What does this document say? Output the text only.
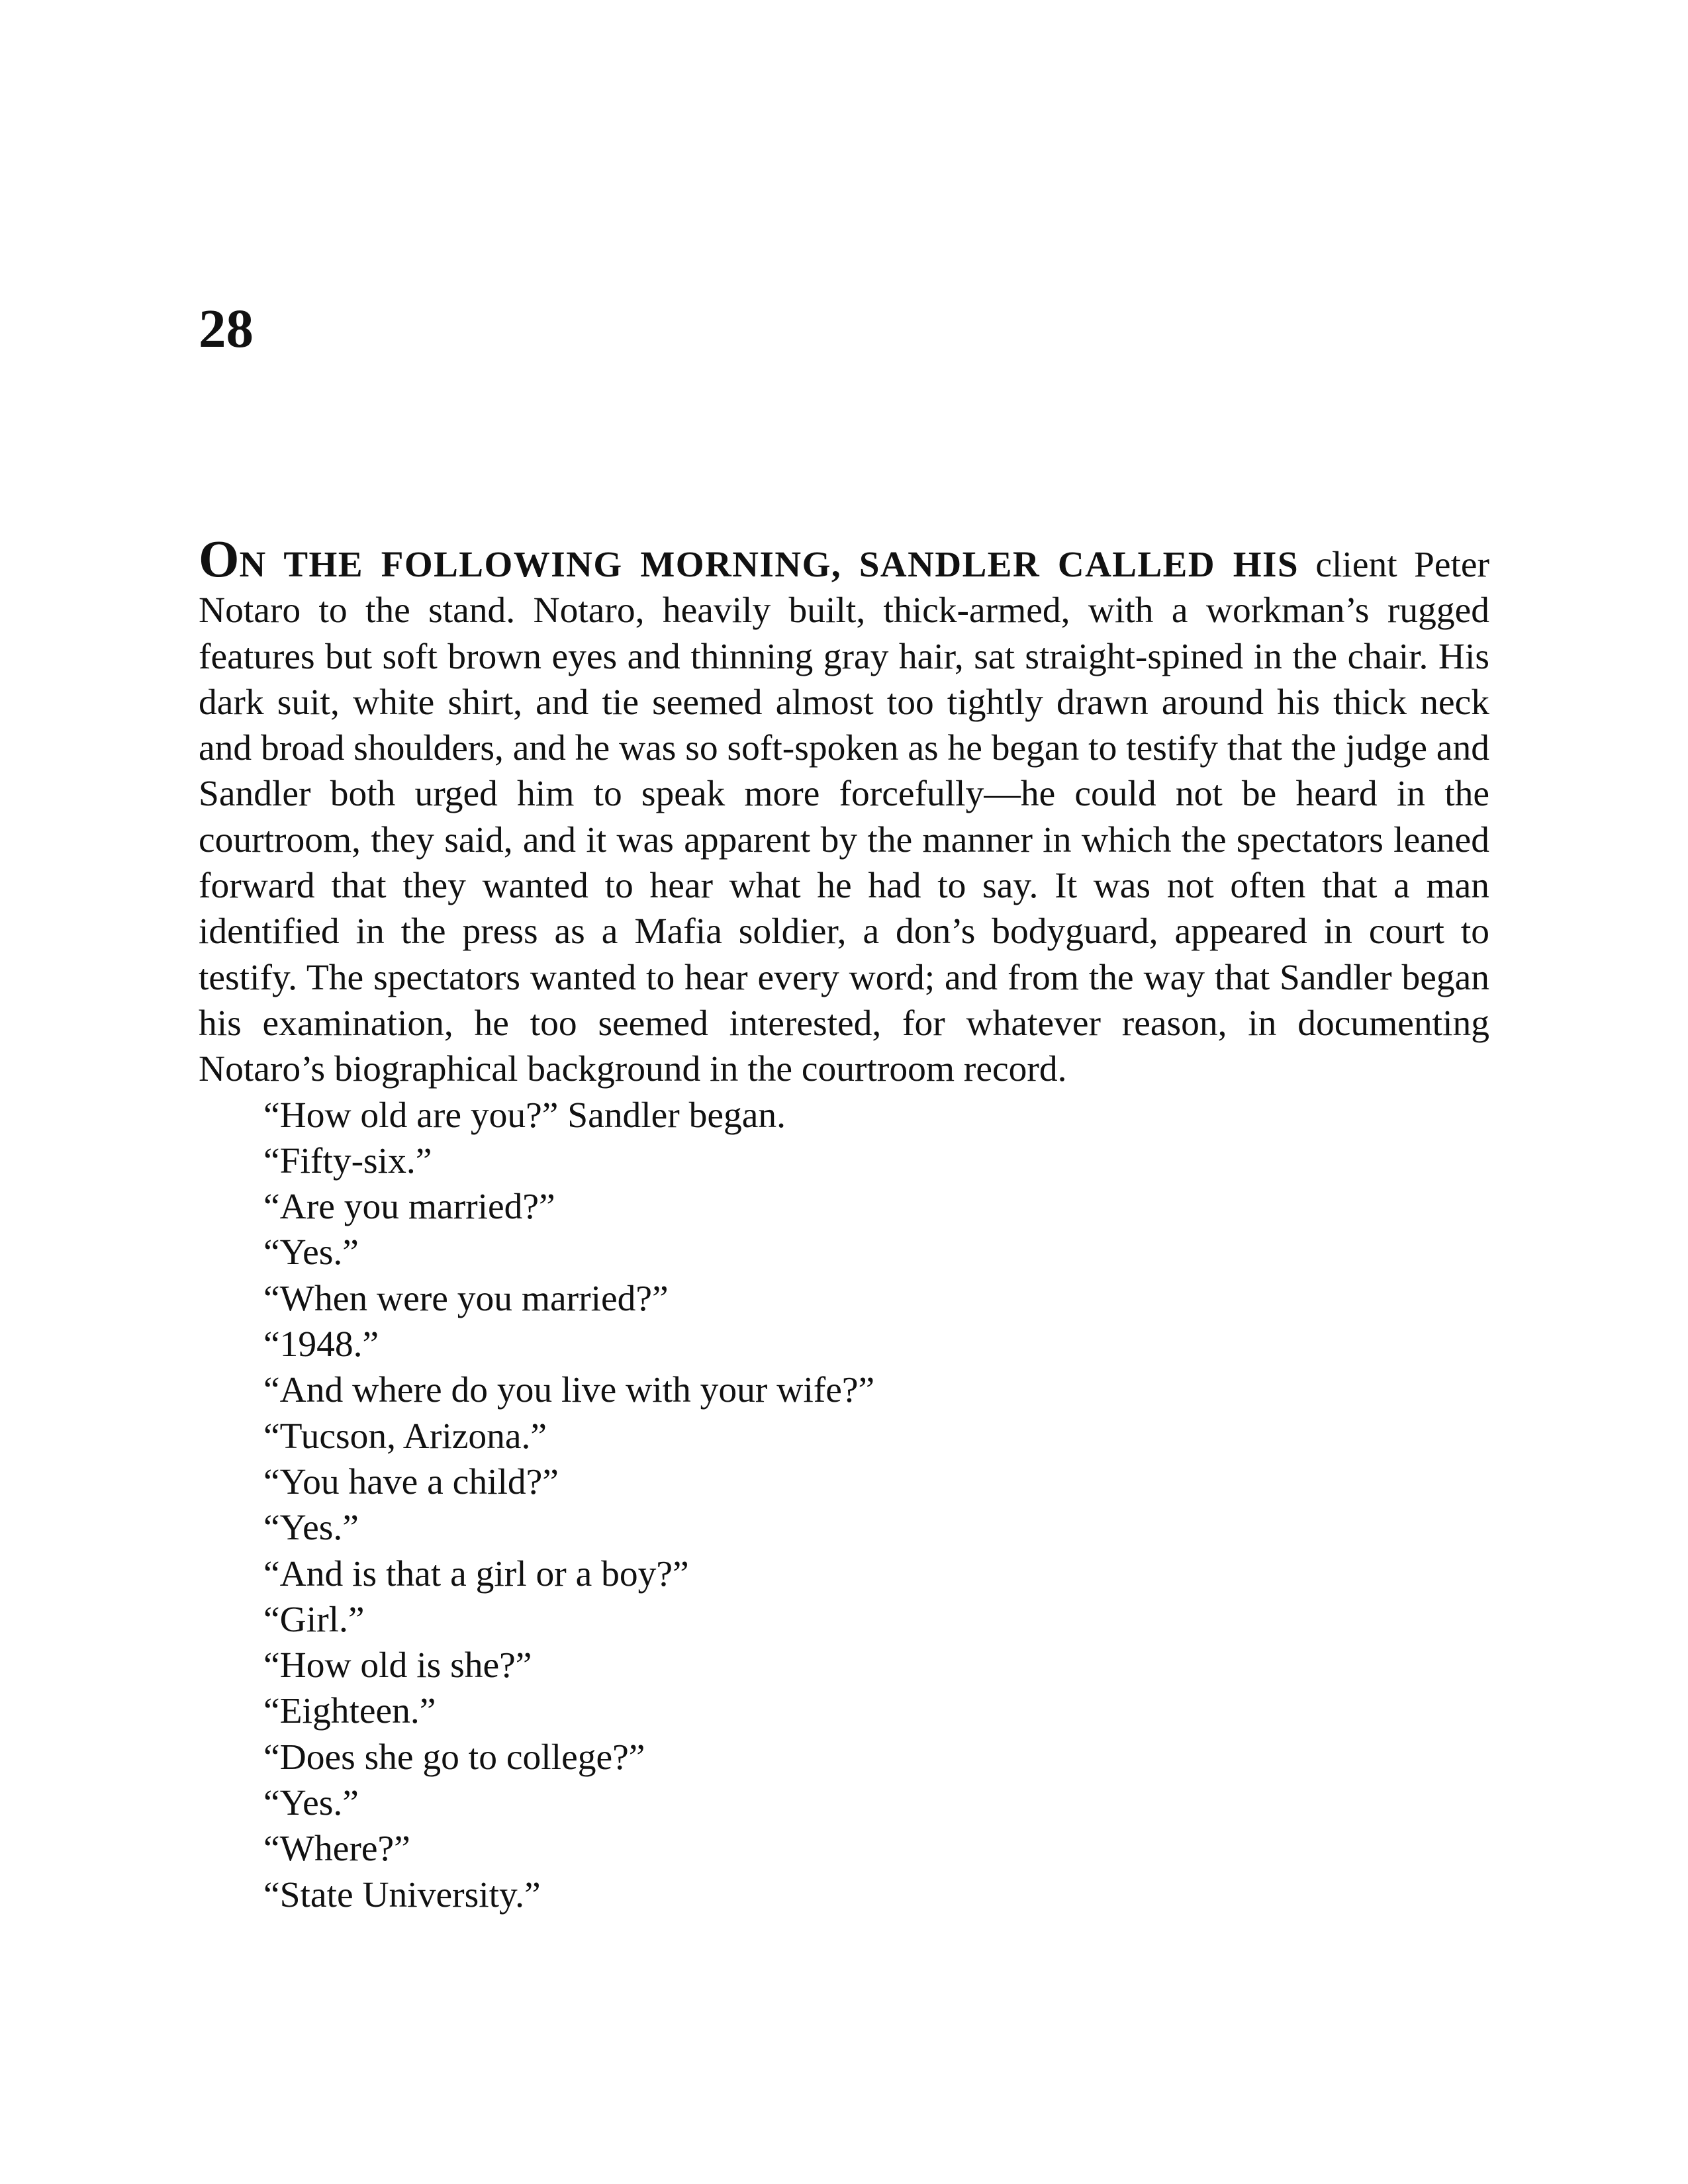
28

ON THE FOLLOWING MORNING, SANDLER CALLED HIS client Peter Notaro to the stand. Notaro, heavily built, thick-armed, with a workman’s rugged features but soft brown eyes and thinning gray hair, sat straight-spined in the chair. His dark suit, white shirt, and tie seemed almost too tightly drawn around his thick neck and broad shoulders, and he was so soft-spoken as he began to testify that the judge and Sandler both urged him to speak more forcefully—he could not be heard in the courtroom, they said, and it was apparent by the manner in which the spectators leaned forward that they wanted to hear what he had to say. It was not often that a man identified in the press as a Mafia soldier, a don’s bodyguard, appeared in court to testify. The spectators wanted to hear every word; and from the way that Sandler began his examination, he too seemed interested, for whatever reason, in documenting Notaro’s biographical background in the courtroom record.

“How old are you?” Sandler began.
“Fifty-six.”
“Are you married?”
“Yes.”
“When were you married?”
“1948.”
“And where do you live with your wife?”
“Tucson, Arizona.”
“You have a child?”
“Yes.”
“And is that a girl or a boy?”
“Girl.”
“How old is she?”
“Eighteen.”
“Does she go to college?”
“Yes.”
“Where?”
“State University.”
